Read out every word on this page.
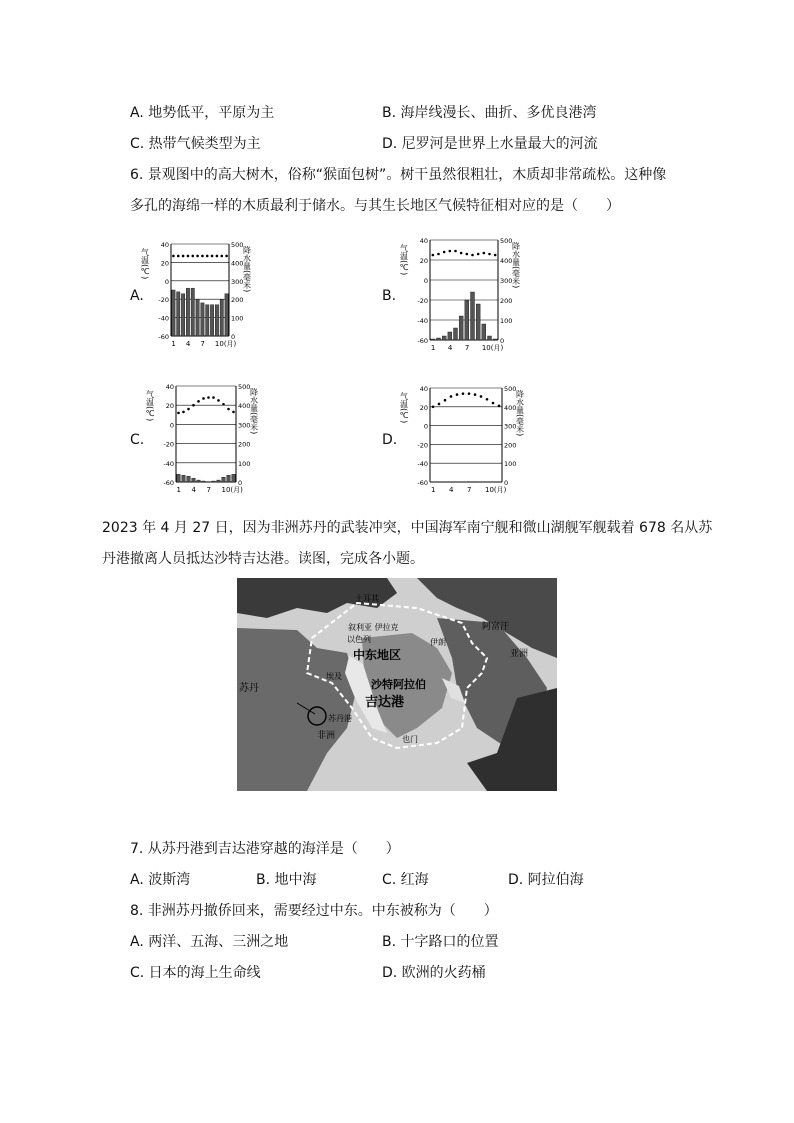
A. 地势低平，平原为主	B. 海岸线漫长、曲折、多优良港湾
C. 热带气候类型为主	D. 尼罗河是世界上水量最大的河流
6. 景观图中的高大树木，俗称“猴面包树”。树干虽然很粗壮，木质却非常疏松。这种像
多孔的海绵一样的木质最利于储水。与其生长地区气候特征相对应的是（　　）
A.	B.
C.	D.
气温(℃)	降水量(毫米)
40
20
0
-20
-40
-60
500
400
300
200
100
0
1 4 7 10(月)
气温(℃)	降水量(毫米)
40
20
0
-20
-40
-60
500
400
300
200
100
0
1 4 7 10(月)
气温(℃)	降水量(毫米)
40
20
0
-20
-40
-60
500
400
300
200
100
0
1 4 7 10(月)
气温(℃)	降水量(毫米)
40
20
0
-20
-40
-60
500
400
300
200
100
0
1 4 7 10(月)
2023 年 4 月 27 日，因为非洲苏丹的武装冲突，中国海军南宁舰和微山湖舰军舰载着 678 名从苏
丹港撤离人员抵达沙特吉达港。读图，完成各小题。
土耳其
叙利亚 伊拉克
以色列	伊朗
阿富汗
中东地区	亚洲
埃及
沙特阿拉伯
吉达港
苏丹
苏丹港
非洲	也门
7. 从苏丹港到吉达港穿越的海洋是（　　）
A. 波斯湾	B. 地中海	C. 红海	D. 阿拉伯海
8. 非洲苏丹撤侨回来，需要经过中东。中东被称为（　　）
A. 两洋、五海、三洲之地	B. 十字路口的位置
C. 日本的海上生命线	D. 欧洲的火药桶
